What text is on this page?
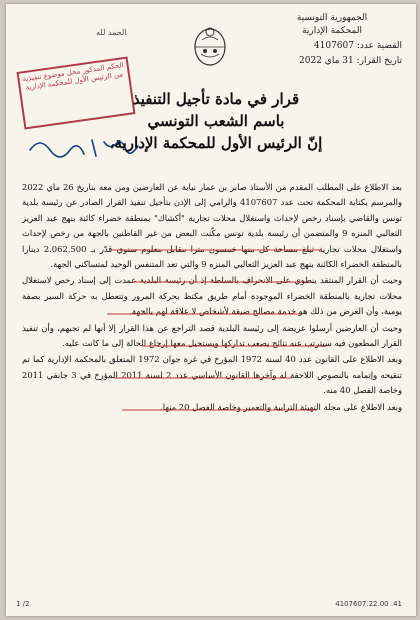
الجمهورية التونسية
المحكمة الإدارية
القضية عدد: 4107607
تاريخ القرار: 31 ماي 2022
الحمد لله
الحكم المذكور محل موضوع تنفيذية من الرئيس الأول للمحكمة الإدارية
قرار في مادة تأجيل التنفيذ
باسم الشعب التونسي
إنّ الرئيس الأول للمحكمة الإدارية،

بعد الاطلاع على المطلب المقدم من الأستاذ صابر بن عمار نيابة عن العارضين ومن معه بتاريخ 26 ماي 2022 والمرسم بكتابة المحكمة تحت عدد 4107607 والرامي إلى الإذن بتأجيل تنفيذ القرار الصادر عن رئيسة بلدية تونس والقاضي بإسناد رخص لإحداث واستغلال محلات تجارية "أكشاك" بمنطقة خضراء كائنة بنهج عبد العزيز الثعالبي المنزه 9 والمتضمن أن رئيسة بلدية تونس مكّنت البعض من غير القاطنين بالجهة من رخص لإحداث واستغلال محلات تجارية تبلغ مساحة كل منها خمسون مترا مقابل معلوم سنوي قدّر بـ 2.062.500 دينارا بالمنطقة الخضراء الكائنة بنهج عبد العزيز الثعالبي المنزه 9 والتي تعد المتنفس الوحيد لمتساكني الجهة.

وحيث أن القرار المنتقد ينطوي على الانحراف بالسلطة إذ أن رئيسة البلدية عمدت إلى إسناد رخص لاستغلال محلات تجارية بالمنطقة الخضراء الموجودة أمام طريق مكتظ بحركة المرور وتتعطل به حركة السير بصفة يومية، وأن الغرض من ذلك هو خدمة مصالح ضيقة لأشخاص لا علاقة لهم بالجهة.

وحيث أن العارضين أرسلوا عريضة إلى رئيسة البلدية قصد التراجع عن هذا القرار إلا أنها لم تجبهم، وأن تنفيذ القرار المطعون فيه سيترتب عنه نتائج يصعب تداركها ويستحيل معها إرجاع الحالة إلى ما كانت عليه.

وبعد الاطلاع على القانون عدد 40 لسنة 1972 المؤرخ في غرة جوان 1972 المتعلق بالمحكمة الإدارية كما تم تنقيحه وإتمامه بالنصوص اللاحقة له وآخرها القانون الأساسي عدد 2 لسنة 2011 المؤرخ في 3 جانفي 2011 وخاصة الفصل 40 منه.

وبعد الاطلاع على مجلة التهيئة الترابية والتعمير وخاصة الفصل 20 منها.

1 /2	4107607.22.00 .41
